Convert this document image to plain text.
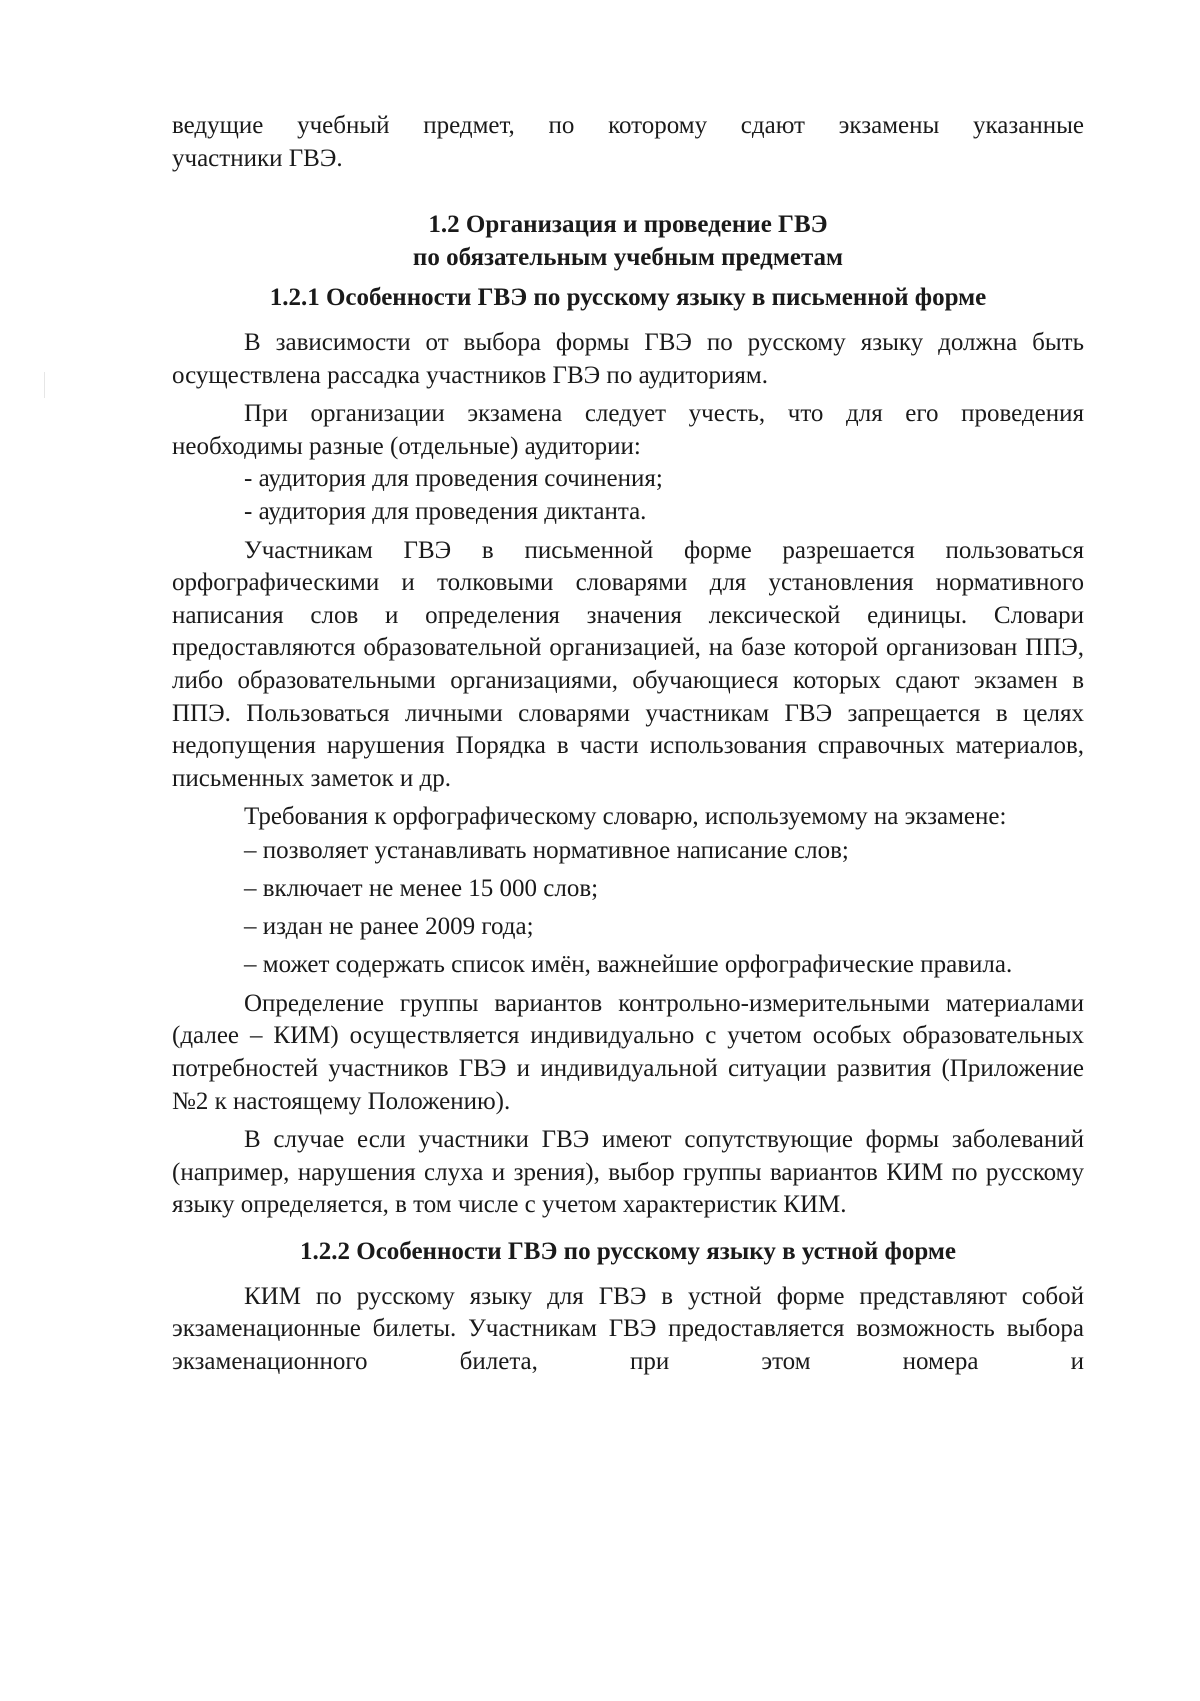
ведущие учебный предмет, по которому сдают экзамены указанные

участники ГВЭ.

1.2 Организация и проведение ГВЭ
по обязательным учебным предметам
1.2.1 Особенности ГВЭ по русскому языку в письменной форме

В зависимости от выбора формы ГВЭ по русскому языку должна быть осуществлена рассадка участников ГВЭ по аудиториям.

При организации экзамена следует учесть, что для его проведения необходимы разные (отдельные) аудитории:

- аудитория для проведения сочинения;

- аудитория для проведения диктанта.

Участникам ГВЭ в письменной форме разрешается пользоваться орфографическими и толковыми словарями для установления нормативного написания слов и определения значения лексической единицы. Словари предоставляются образовательной организацией, на базе которой организован ППЭ, либо образовательными организациями, обучающиеся которых сдают экзамен в ППЭ. Пользоваться личными словарями участникам ГВЭ запрещается в целях недопущения нарушения Порядка в части использования справочных материалов, письменных заметок и др.

Требования к орфографическому словарю, используемому на экзамене:

– позволяет устанавливать нормативное написание слов;

– включает не менее 15 000 слов;

– издан не ранее 2009 года;

– может содержать список имён, важнейшие орфографические правила.

Определение группы вариантов контрольно-измерительными материалами (далее – КИМ) осуществляется индивидуально с учетом особых образовательных потребностей участников ГВЭ и индивидуальной ситуации развития (Приложение №2 к настоящему Положению).

В случае если участники ГВЭ имеют сопутствующие формы заболеваний (например, нарушения слуха и зрения), выбор группы вариантов КИМ по русскому языку определяется, в том числе с учетом характеристик КИМ.

1.2.2 Особенности ГВЭ по русскому языку в устной форме

КИМ по русскому языку для ГВЭ в устной форме представляют собой экзаменационные билеты. Участникам ГВЭ предоставляется возможность выбора экзаменационного билета, при этом номера и
